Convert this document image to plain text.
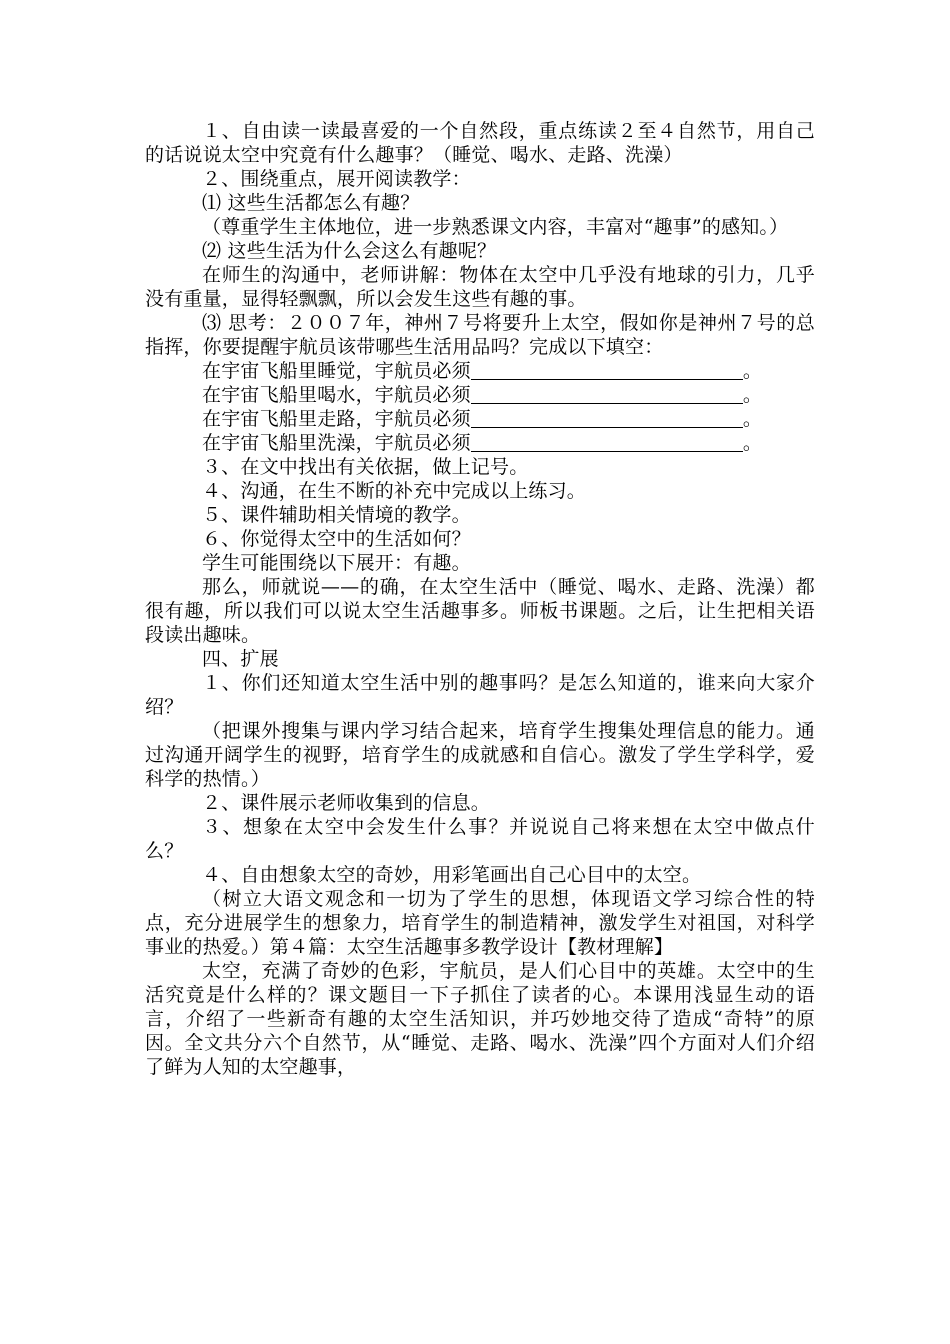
１、自由读一读最喜爱的一个自然段，重点练读２至４自然节，用自己的话说说太空中究竟有什么趣事？（睡觉、喝水、走路、洗澡）

２、围绕重点，展开阅读教学：

⑴ 这些生活都怎么有趣？

（尊重学生主体地位，进一步熟悉课文内容，丰富对“趣事”的感知。）

⑵ 这些生活为什么会这么有趣呢？

在师生的沟通中，老师讲解：物体在太空中几乎没有地球的引力，几乎没有重量，显得轻飘飘，所以会发生这些有趣的事。

⑶ 思考：２００７年，神州７号将要升上太空，假如你是神州７号的总指挥，你要提醒宇航员该带哪些生活用品吗？完成以下填空：

在宇宙飞船里睡觉，宇航员必须	。

在宇宙飞船里喝水，宇航员必须	。

在宇宙飞船里走路，宇航员必须	。

在宇宙飞船里洗澡，宇航员必须	。

３、在文中找出有关依据，做上记号。

４、沟通，在生不断的补充中完成以上练习。

５、课件辅助相关情境的教学。

６、你觉得太空中的生活如何？

学生可能围绕以下展开：有趣。

那么，师就说——的确，在太空生活中（睡觉、喝水、走路、洗澡）都很有趣，所以我们可以说太空生活趣事多。师板书课题。之后，让生把相关语段读出趣味。

四、扩展

１、你们还知道太空生活中别的趣事吗？是怎么知道的，谁来向大家介绍？

（把课外搜集与课内学习结合起来，培育学生搜集处理信息的能力。通过沟通开阔学生的视野，培育学生的成就感和自信心。激发了学生学科学，爱科学的热情。）

２、课件展示老师收集到的信息。

３、想象在太空中会发生什么事？并说说自己将来想在太空中做点什么？

４、自由想象太空的奇妙，用彩笔画出自己心目中的太空。

（树立大语文观念和一切为了学生的思想，体现语文学习综合性的特点，充分进展学生的想象力，培育学生的制造精神，激发学生对祖国，对科学事业的热爱。）第４篇：太空生活趣事多教学设计【教材理解】

太空，充满了奇妙的色彩，宇航员，是人们心目中的英雄。太空中的生活究竟是什么样的？课文题目一下子抓住了读者的心。本课用浅显生动的语言，介绍了一些新奇有趣的太空生活知识，并巧妙地交待了造成“奇特”的原因。全文共分六个自然节，从“睡觉、走路、喝水、洗澡”四个方面对人们介绍了鲜为人知的太空趣事，
